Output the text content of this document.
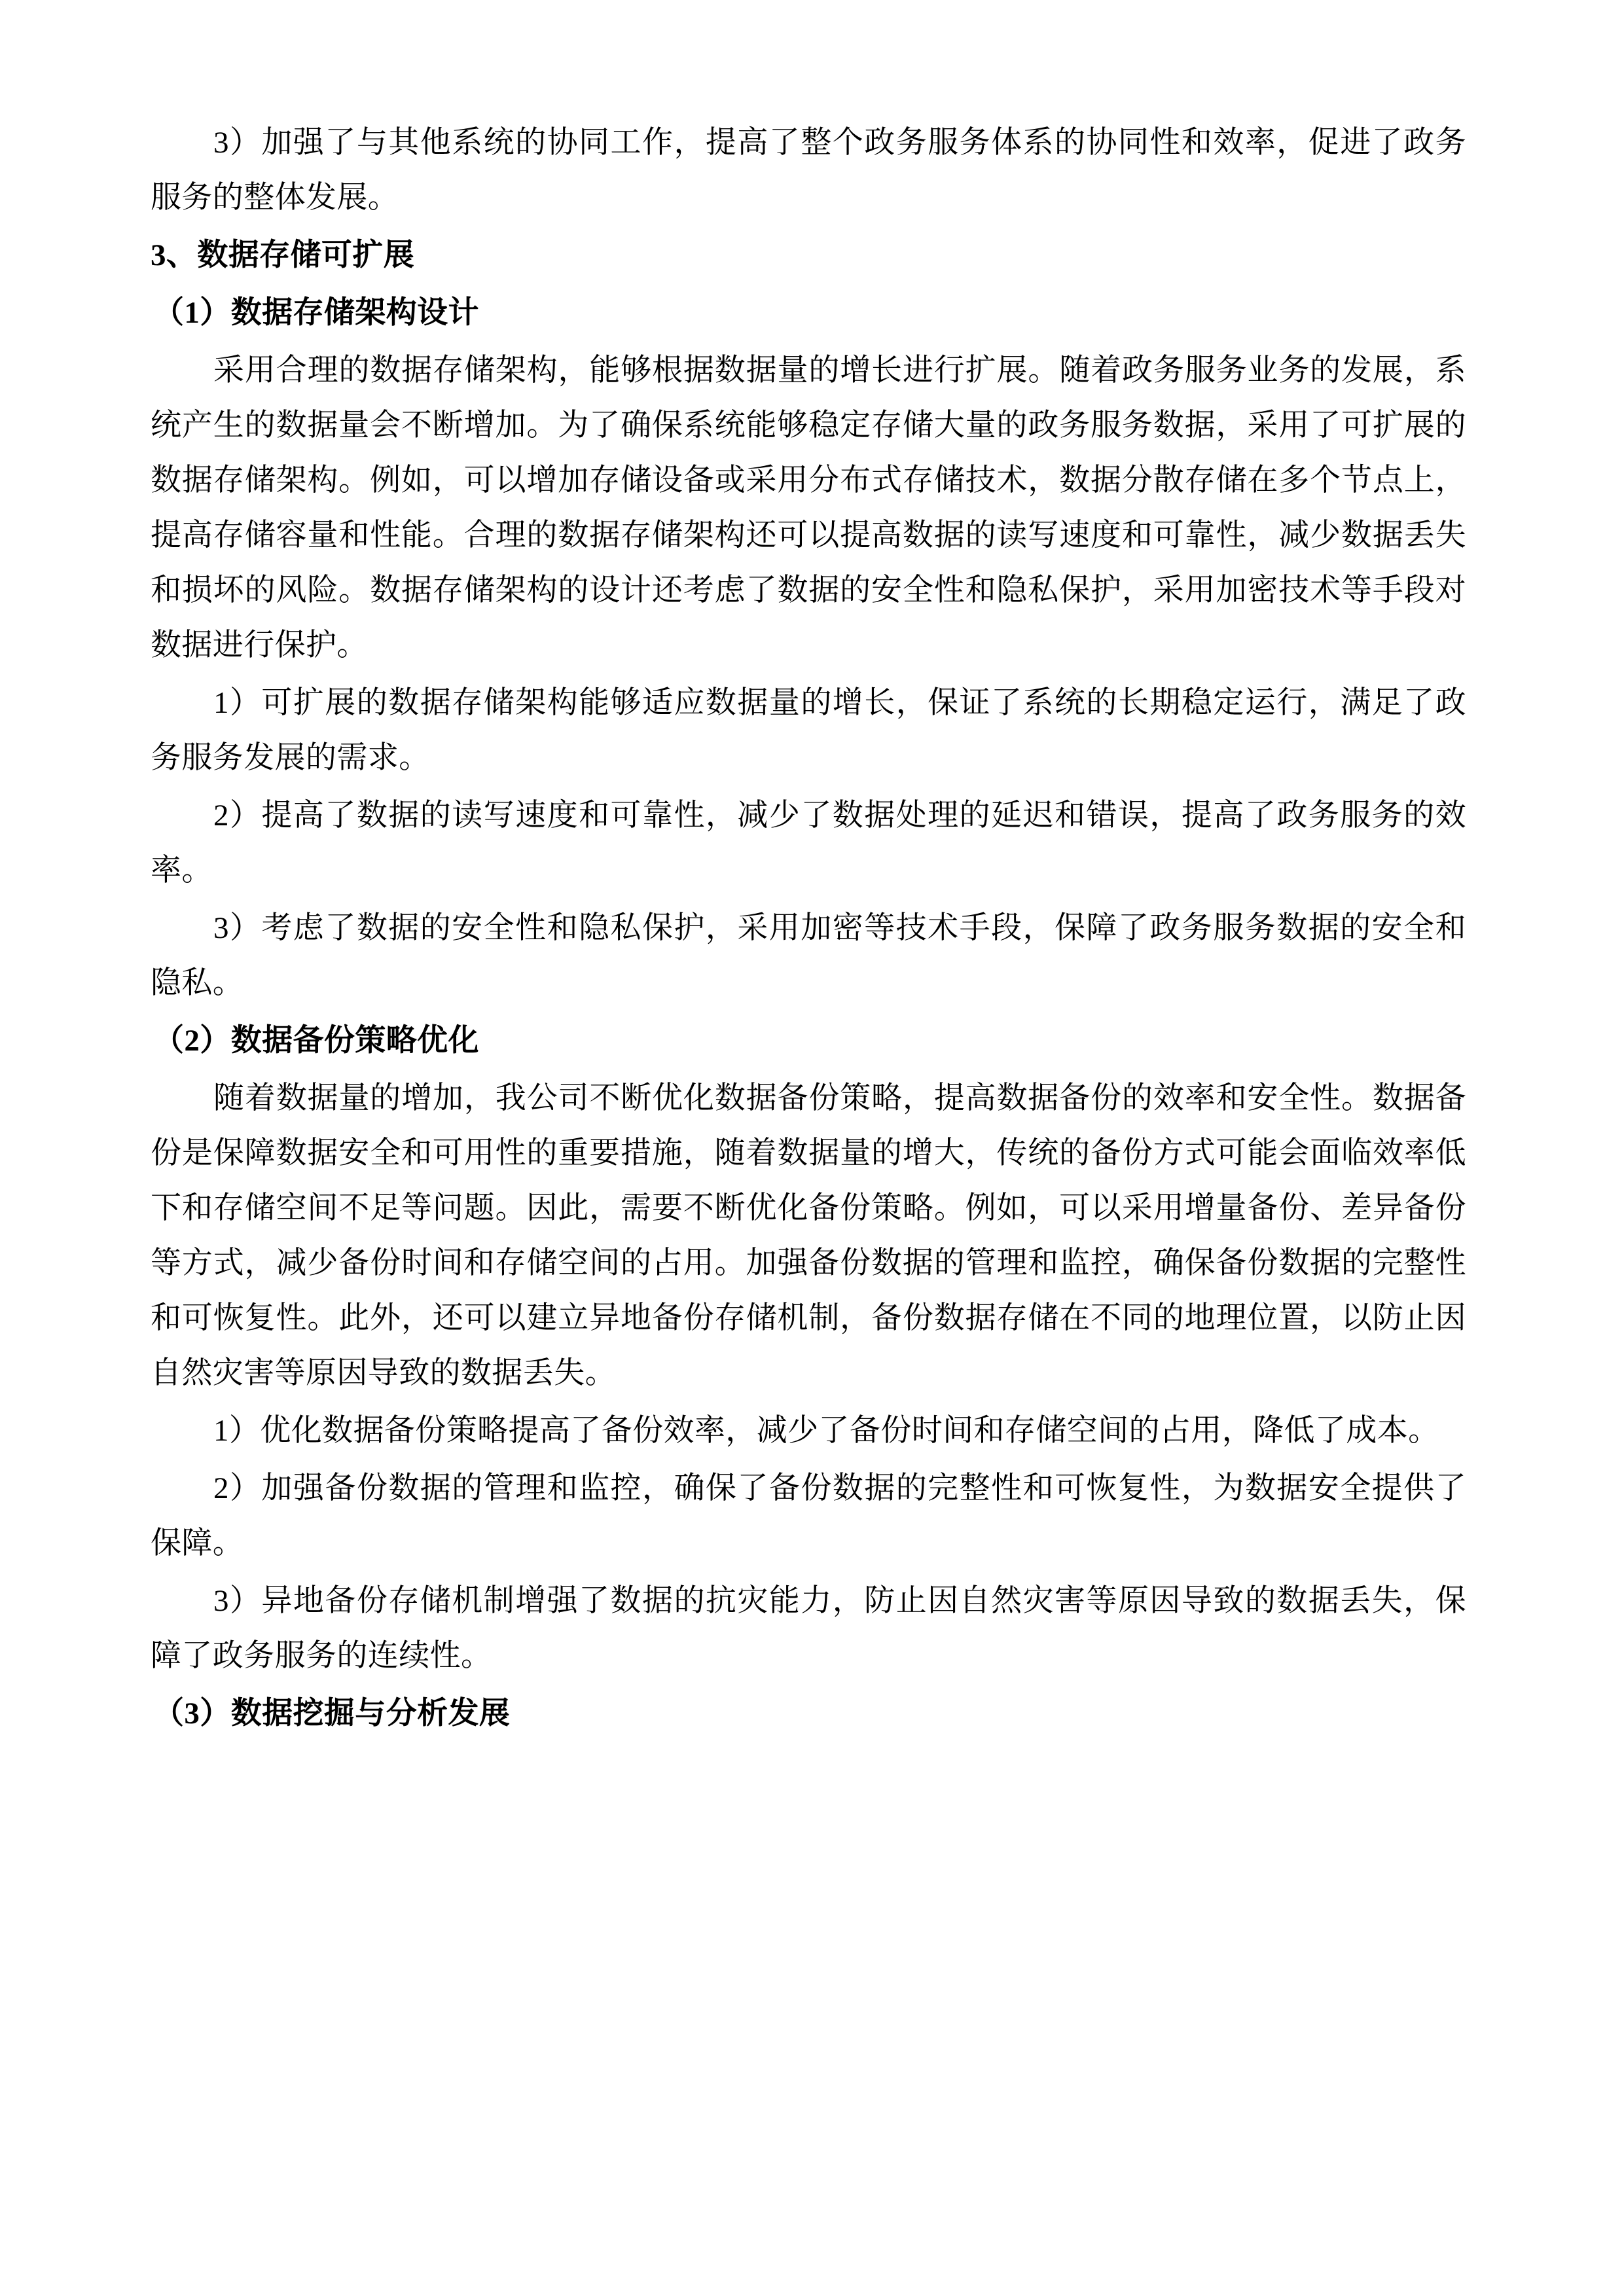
3）加强了与其他系统的协同工作，提高了整个政务服务体系的协同性和效率，促进了政务服务的整体发展。

3、数据存储可扩展
（1）数据存储架构设计

采用合理的数据存储架构，能够根据数据量的增长进行扩展。随着政务服务业务的发展，系统产生的数据量会不断增加。为了确保系统能够稳定存储大量的政务服务数据，采用了可扩展的数据存储架构。例如，可以增加存储设备或采用分布式存储技术，数据分散存储在多个节点上，提高存储容量和性能。合理的数据存储架构还可以提高数据的读写速度和可靠性，减少数据丢失和损坏的风险。数据存储架构的设计还考虑了数据的安全性和隐私保护，采用加密技术等手段对数据进行保护。

1）可扩展的数据存储架构能够适应数据量的增长，保证了系统的长期稳定运行，满足了政务服务发展的需求。

2）提高了数据的读写速度和可靠性，减少了数据处理的延迟和错误，提高了政务服务的效率。

3）考虑了数据的安全性和隐私保护，采用加密等技术手段，保障了政务服务数据的安全和隐私。

（2）数据备份策略优化

随着数据量的增加，我公司不断优化数据备份策略，提高数据备份的效率和安全性。数据备份是保障数据安全和可用性的重要措施，随着数据量的增大，传统的备份方式可能会面临效率低下和存储空间不足等问题。因此，需要不断优化备份策略。例如，可以采用增量备份、差异备份等方式，减少备份时间和存储空间的占用。加强备份数据的管理和监控，确保备份数据的完整性和可恢复性。此外，还可以建立异地备份存储机制，备份数据存储在不同的地理位置，以防止因自然灾害等原因导致的数据丢失。

1）优化数据备份策略提高了备份效率，减少了备份时间和存储空间的占用，降低了成本。

2）加强备份数据的管理和监控，确保了备份数据的完整性和可恢复性，为数据安全提供了保障。

3）异地备份存储机制增强了数据的抗灾能力，防止因自然灾害等原因导致的数据丢失，保障了政务服务的连续性。

（3）数据挖掘与分析发展
